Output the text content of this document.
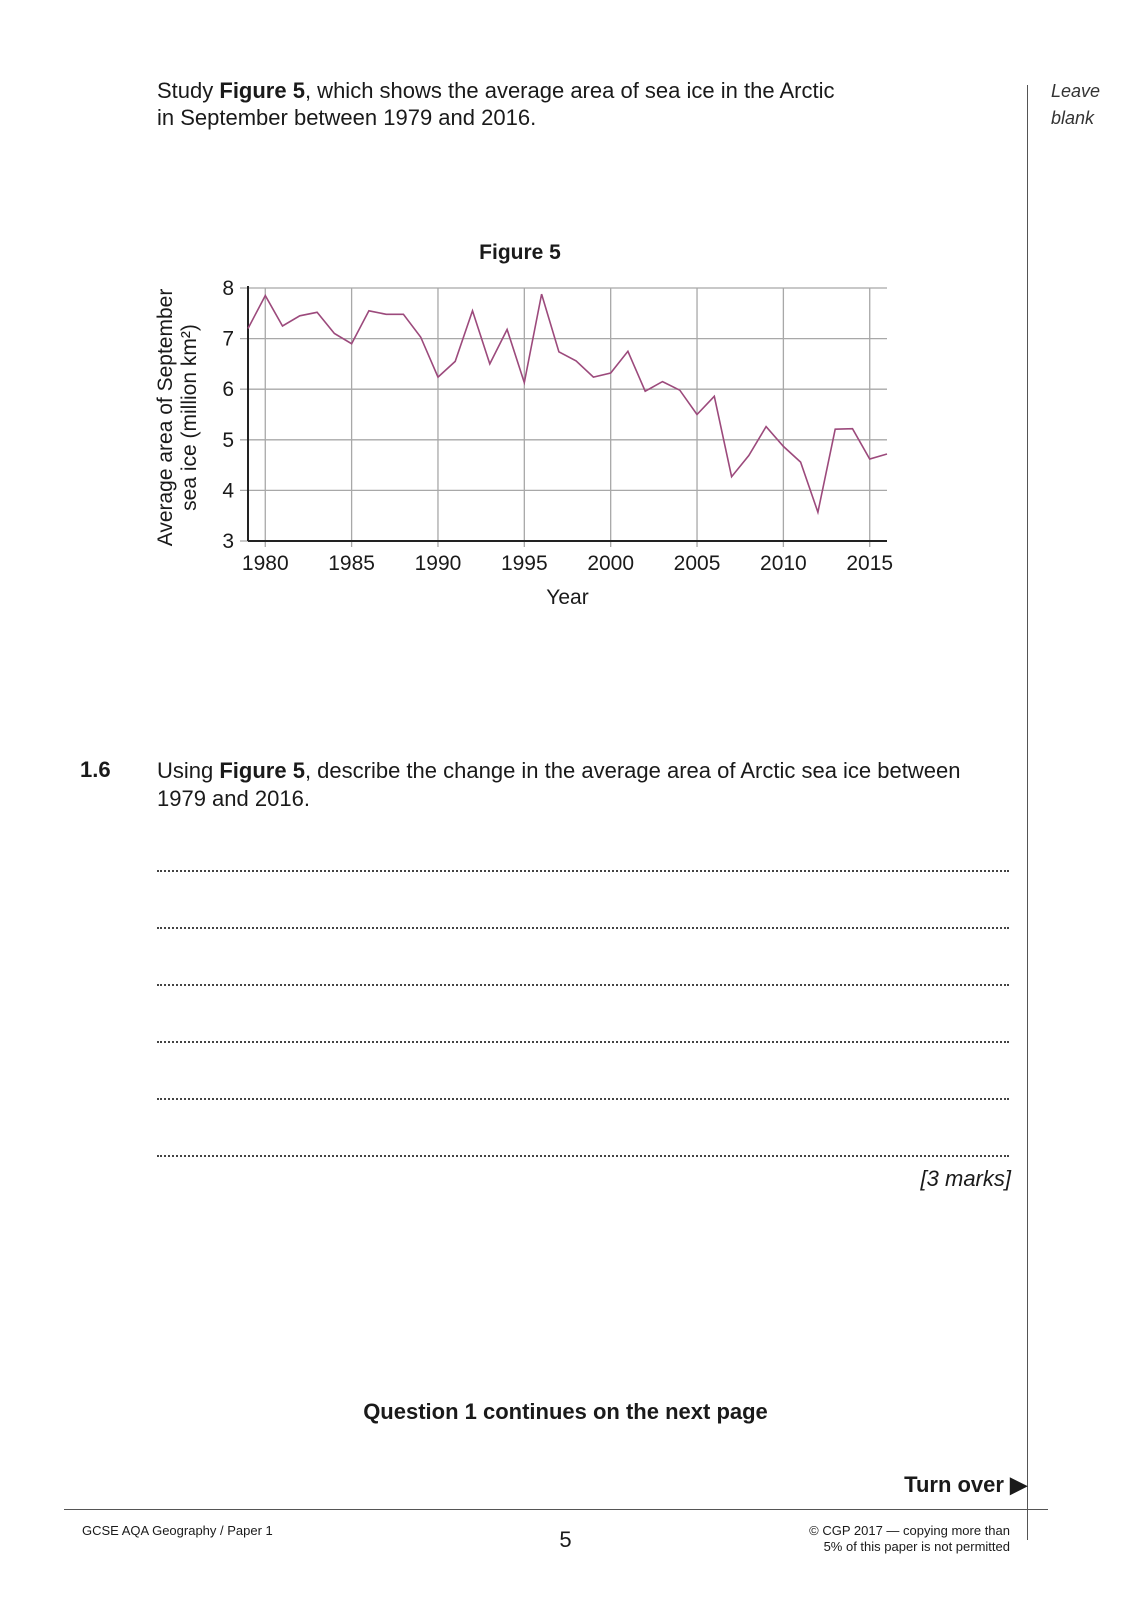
Study Figure 5, which shows the average area of sea ice in the Arctic
in September between 1979 and 2016.
Leave
blank
Figure 5
1980 1985 1990 1995 2000 2005 2010 2015
3
4
5
6
7
8
Year
Average area of September sea ice (million km²)
1.6 Using Figure 5, describe the change in the average area of Arctic sea ice between
1979 and 2016.
[3 marks]
Question 1 continues on the next page
Turn over ▶
GCSE AQA Geography / Paper 1	5	© CGP 2017 — copying more than
5% of this paper is not permitted
